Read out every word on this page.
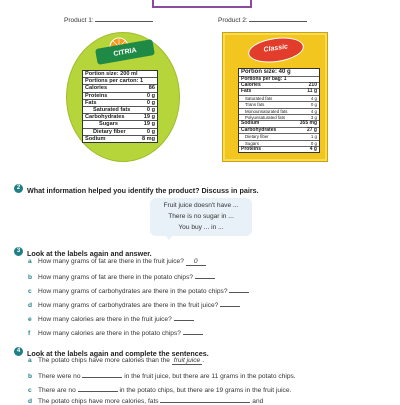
Product 1:	Product 2:
CITRIA
Portion size: 200 ml
Portions per carton: 1
Calories	86
Proteins	0 g
Fats	0 g
Saturated fats	0 g
Carbohydrates	19 g
Sugars	19 g
Dietary fiber	0 g
Sodium	8 mg
Classic
Portion size: 40 g
Portions per bag: 1
Calories	210
Fats	11 g
Saturated fats	4 g
Trans fats	0 g
Monounsaturated fats	4 g
Polyunsaturated fats	3 g
Sodium	355 mg
Carbohydrates	27 g
Dietary fiber	1 g
Sugars	0 g
Proteins	4 g
2 What information helped you identify the product? Discuss in pairs.
Fruit juice doesn't have ...
There is no sugar in ...
You buy ... in ...
3 Look at the labels again and answer.
a How many grams of fat are there in the fruit juice? 0
b How many grams of fat are there in the potato chips?
c How many grams of carbohydrates are there in the potato chips?
d How many grams of carbohydrates are there in the fruit juice?
e How many calories are there in the fruit juice?
f How many calories are there in the potato chips?
4 Look at the labels again and complete the sentences.
a The potato chips have more calories than the fruit juice .
b There were no	in the fruit juice, but there are 11 grams in the potato chips.
c There are no	in the potato chips, but there are 19 grams in the fruit juice.
d The potato chips have more calories, fats	and
